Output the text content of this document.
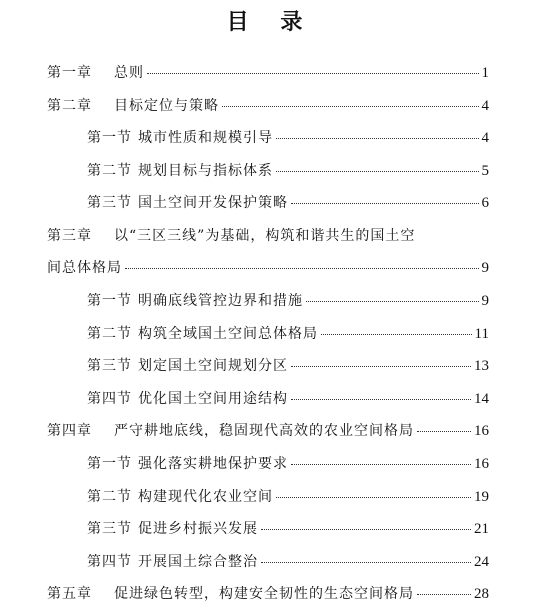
目 录
第一章 总则	1
第二章 目标定位与策略	4
第一节 城市性质和规模引导	4
第二节 规划目标与指标体系	5
第三节 国土空间开发保护策略	6
第三章 以“三区三线”为基础，构筑和谐共生的国土空
间总体格局	9
第一节 明确底线管控边界和措施	9
第二节 构筑全域国土空间总体格局	11
第三节 划定国土空间规划分区	13
第四节 优化国土空间用途结构	14
第四章 严守耕地底线，稳固现代高效的农业空间格局	16
第一节 强化落实耕地保护要求	16
第二节 构建现代化农业空间	19
第三节 促进乡村振兴发展	21
第四节 开展国土综合整治	24
第五章 促进绿色转型，构建安全韧性的生态空间格局	28
